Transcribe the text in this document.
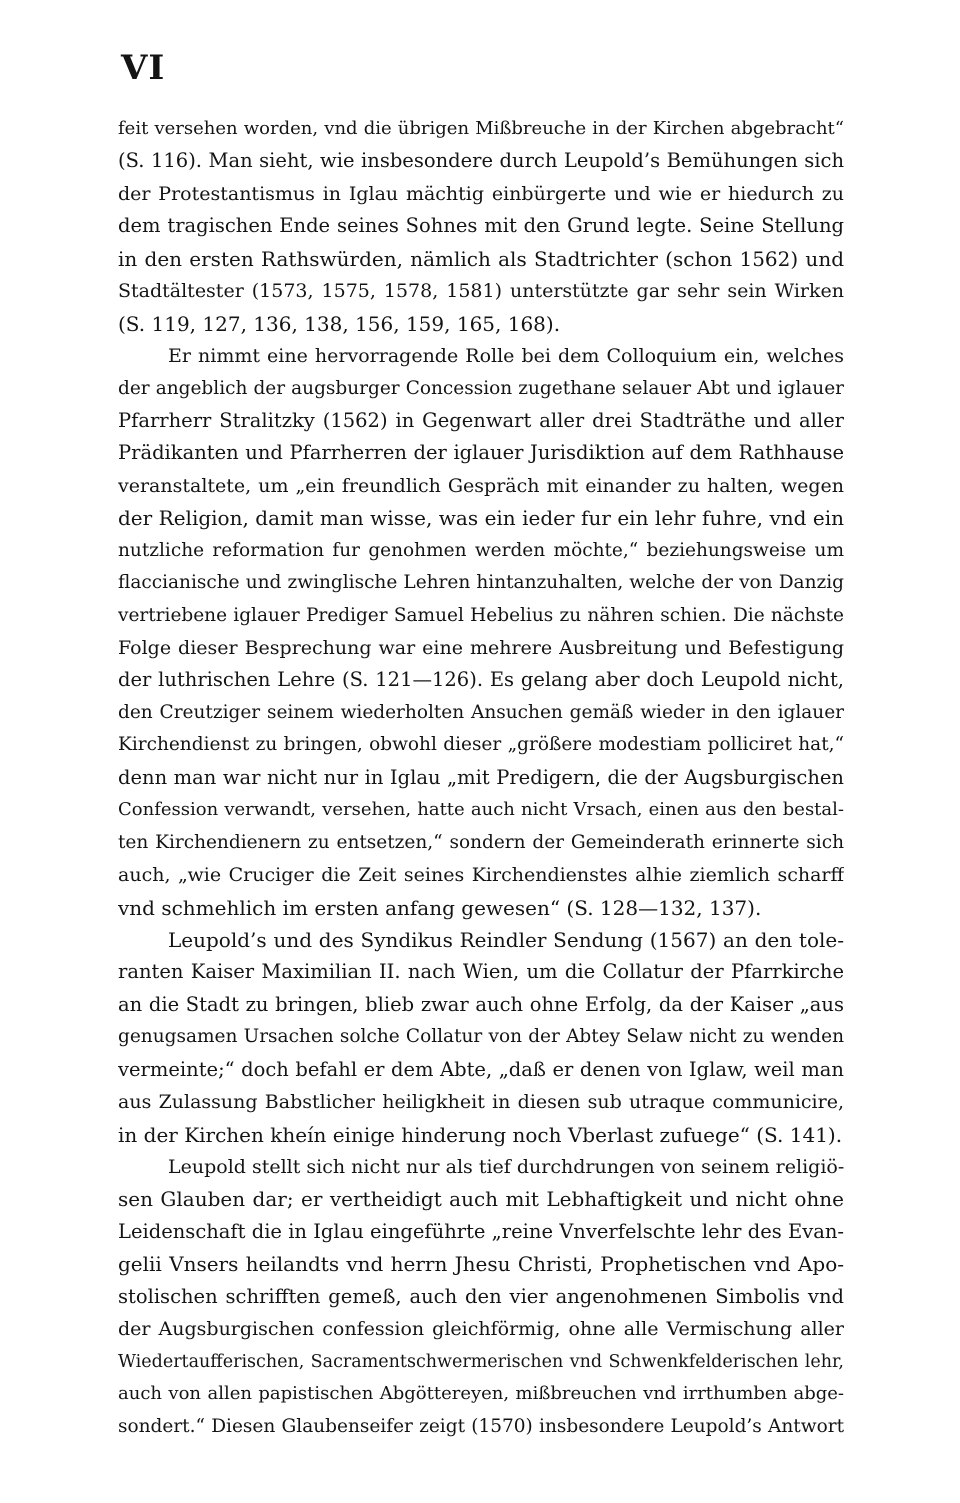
VI
feit versehen worden, vnd die übrigen Mißbreuche in der Kirchen abgebracht“
(S. 116). Man sieht, wie insbesondere durch Leupold’s Bemühungen sich
der Protestantismus in Iglau mächtig einbürgerte und wie er hiedurch zu
dem tragischen Ende seines Sohnes mit den Grund legte. Seine Stellung
in den ersten Rathswürden, nämlich als Stadtrichter (schon 1562) und
Stadtältester (1573, 1575, 1578, 1581) unterstützte gar sehr sein Wirken
(S. 119, 127, 136, 138, 156, 159, 165, 168).
Er nimmt eine hervorragende Rolle bei dem Colloquium ein, welches
der angeblich der augsburger Concession zugethane selauer Abt und iglauer
Pfarrherr Stralitzky (1562) in Gegenwart aller drei Stadträthe und aller
Prädikanten und Pfarrherren der iglauer Jurisdiktion auf dem Rathhause
veranstaltete, um „ein freundlich Gespräch mit einander zu halten, wegen
der Religion, damit man wisse, was ein ieder fur ein lehr fuhre, vnd ein
nutzliche reformation fur genohmen werden möchte,“ beziehungsweise um
flaccianische und zwinglische Lehren hintanzuhalten, welche der von Danzig
vertriebene iglauer Prediger Samuel Hebelius zu nähren schien. Die nächste
Folge dieser Besprechung war eine mehrere Ausbreitung und Befestigung
der luthrischen Lehre (S. 121—126). Es gelang aber doch Leupold nicht,
den Creutziger seinem wiederholten Ansuchen gemäß wieder in den iglauer
Kirchendienst zu bringen, obwohl dieser „größere modestiam polliciret hat,“
denn man war nicht nur in Iglau „mit Predigern, die der Augsburgischen
Confession verwandt, versehen, hatte auch nicht Vrsach, einen aus den bestal-
ten Kirchendienern zu entsetzen,“ sondern der Gemeinderath erinnerte sich
auch, „wie Cruciger die Zeit seines Kirchendienstes alhie ziemlich scharff
vnd schmehlich im ersten anfang gewesen“ (S. 128—132, 137).
Leupold’s und des Syndikus Reindler Sendung (1567) an den tole-
ranten Kaiser Maximilian II. nach Wien, um die Collatur der Pfarrkirche
an die Stadt zu bringen, blieb zwar auch ohne Erfolg, da der Kaiser „aus
genugsamen Ursachen solche Collatur von der Abtey Selaw nicht zu wenden
vermeinte;“ doch befahl er dem Abte, „daß er denen von Iglaw, weil man
aus Zulassung Babstlicher heiligkheit in diesen sub utraque communicire,
in der Kirchen kheín einige hinderung noch Vberlast zufuege“ (S. 141).
Leupold stellt sich nicht nur als tief durchdrungen von seinem religiö-
sen Glauben dar; er vertheidigt auch mit Lebhaftigkeit und nicht ohne
Leidenschaft die in Iglau eingeführte „reine Vnverfelschte lehr des Evan-
gelii Vnsers heilandts vnd herrn Jhesu Christi, Prophetischen vnd Apo-
stolischen schrifften gemeß, auch den vier angenohmenen Simbolis vnd
der Augsburgischen confession gleichförmig, ohne alle Vermischung aller
Wiedertaufferischen, Sacramentschwermerischen vnd Schwenkfelderischen lehr,
auch von allen papistischen Abgöttereyen, mißbreuchen vnd irrthumben abge-
sondert.“ Diesen Glaubenseifer zeigt (1570) insbesondere Leupold’s Antwort
